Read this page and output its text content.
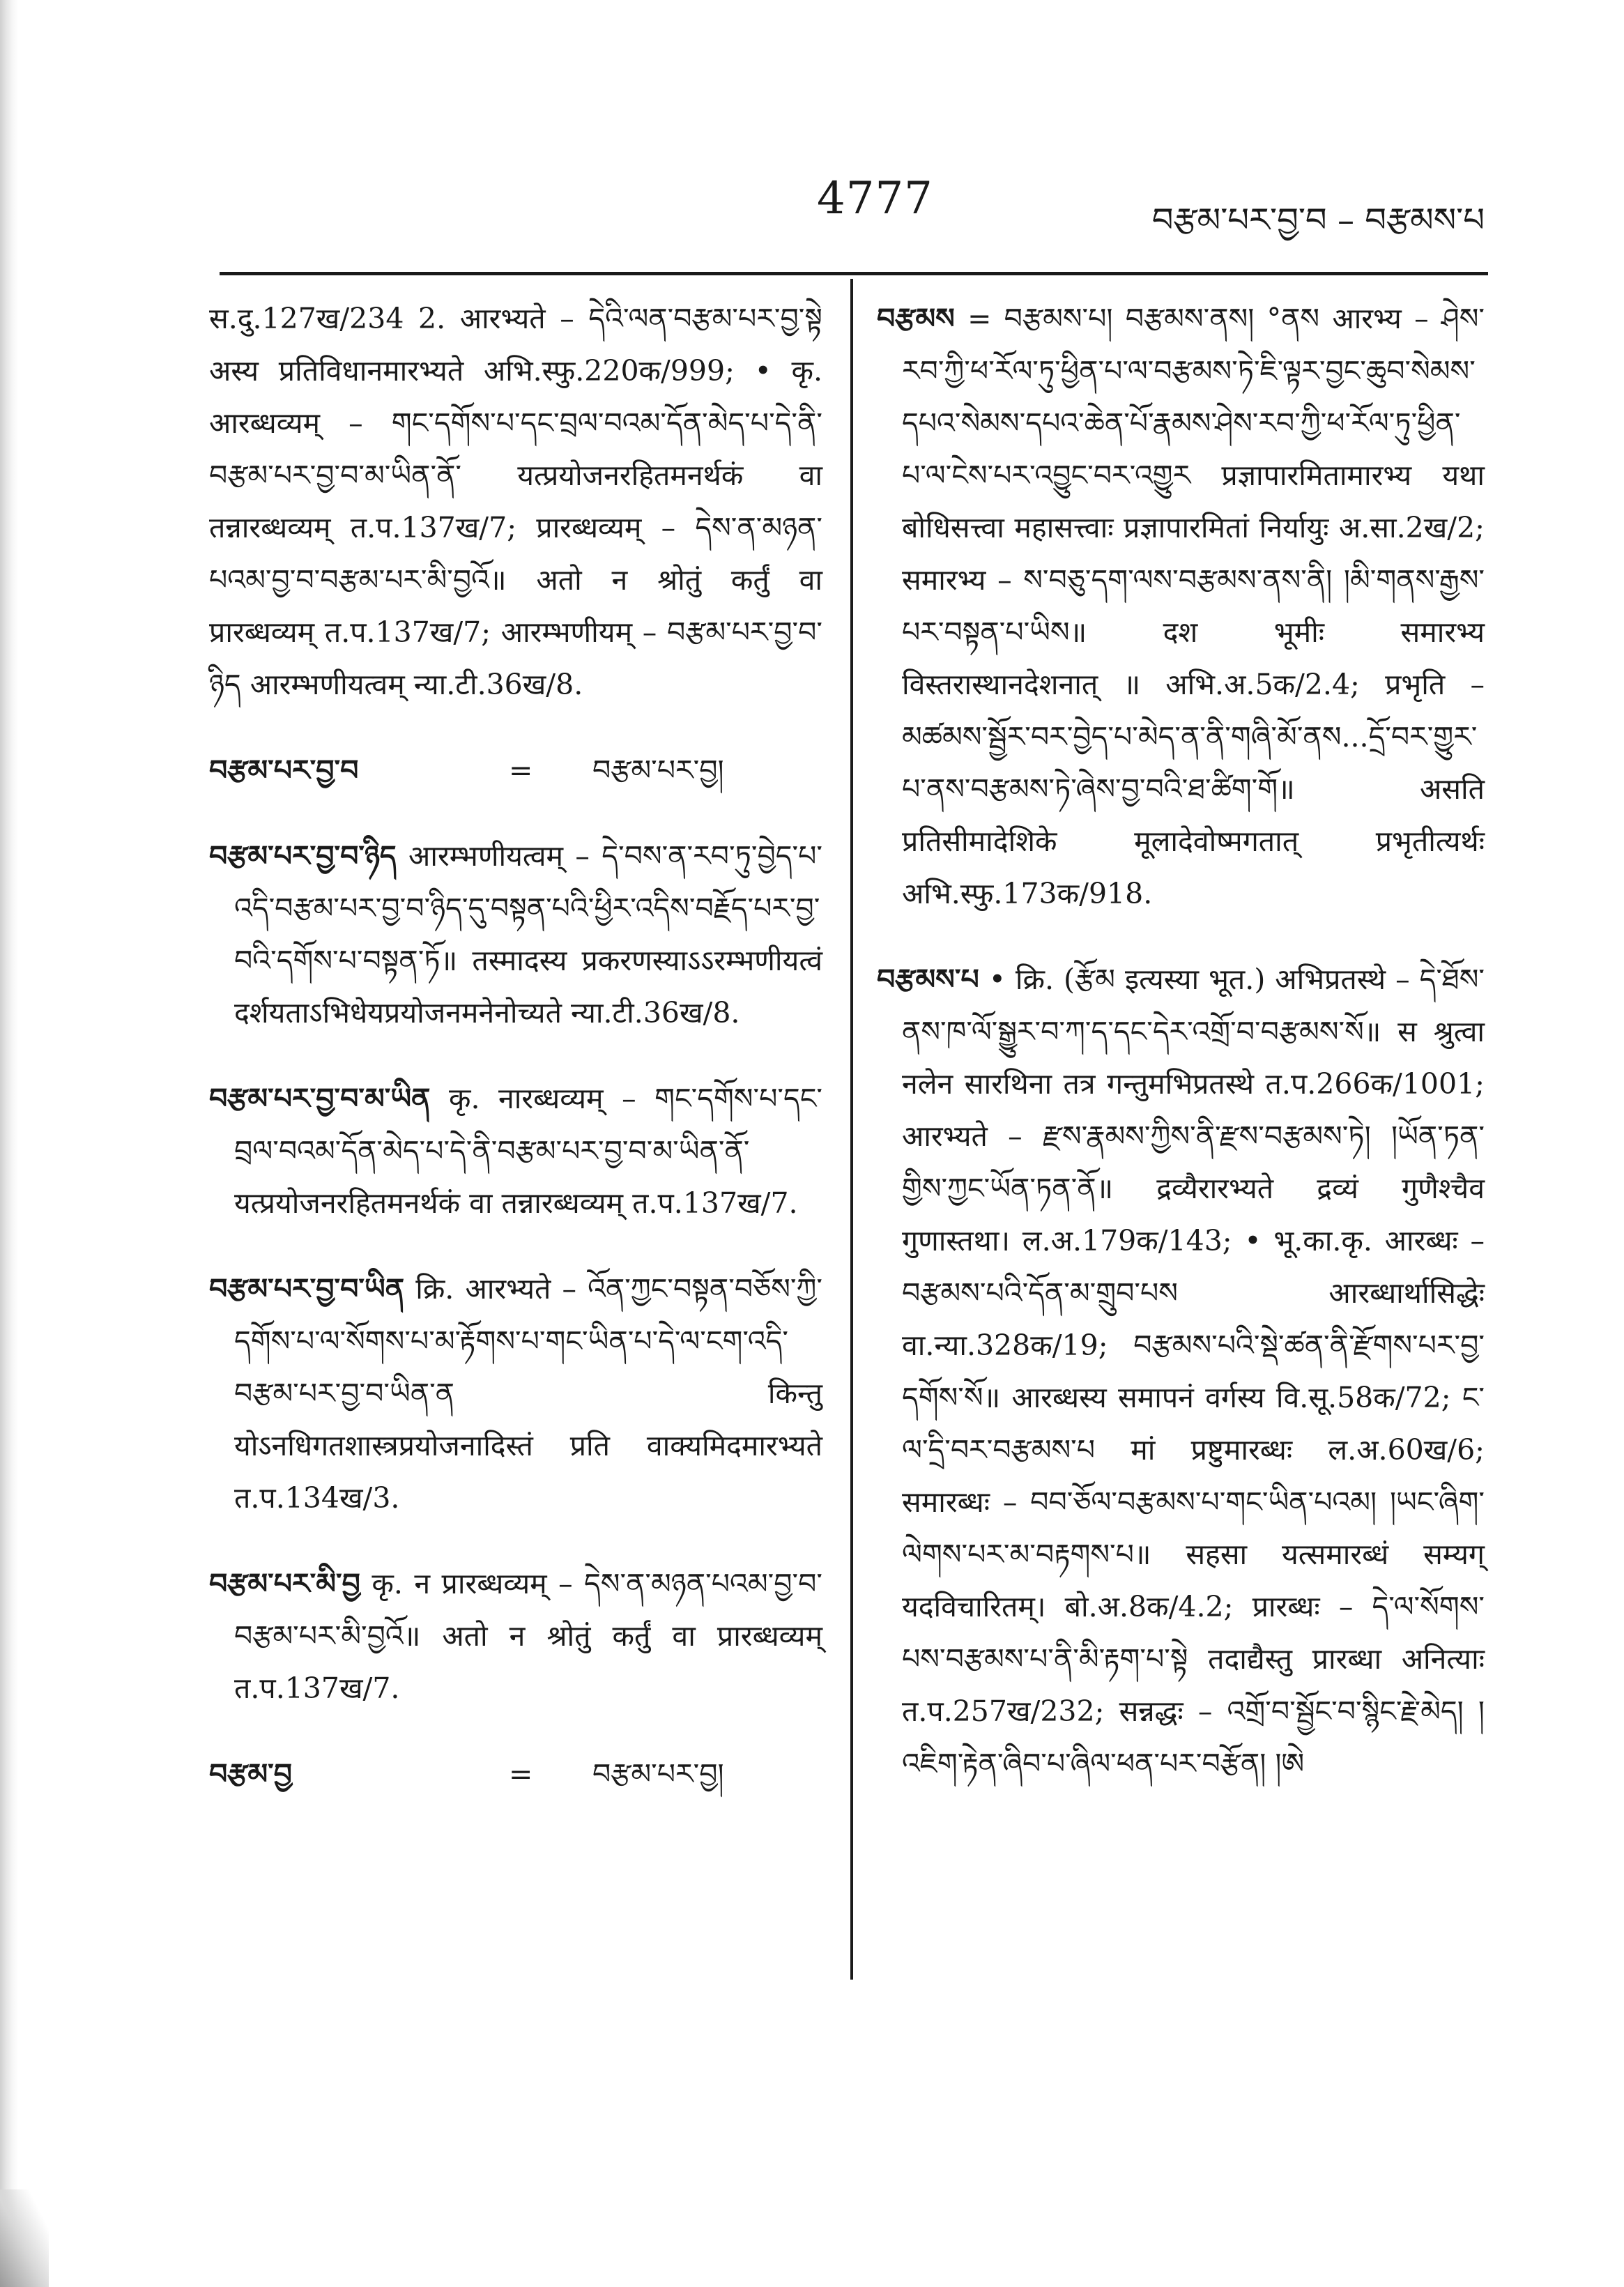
4777	བརྩམ་པར་བྱ་བ – བརྩམས་པ
स.दु.127ख/234 2. आरभ्यते – དེའི་ལན་བརྩམ་པར་བྱ་སྟེ अस्य प्रतिविधानमारभ्यते अभि.स्फु.220क/999; • कृ. आरब्धव्यम् – གང་དགོས་པ་དང་བྲལ་བའམ་དོན་མེད་པ་དེ་ནི་བརྩམ་པར་བྱ་བ་མ་ཡིན་ནོ་ यत्प्रयोजनरहितमनर्थकं वा तन्नारब्धव्यम् त.प.137ख/7; प्रारब्धव्यम् – དེས་ན་མཉན་པའམ་བྱ་བ་བརྩམ་པར་མི་བྱའོ॥ अतो न श्रोतुं कर्तुं वा प्रारब्धव्यम् त.प.137ख/7; आरम्भणीयम् – བརྩམ་པར་བྱ་བ་ཉིད आरम्भणीयत्वम् न्या.टी.36ख/8.
བརྩམ་པར་བྱ་བ	=	བརྩམ་པར་བྱ།
བརྩམ་པར་བྱ་བ་ཉིད आरम्भणीयत्वम् – དེ་བས་ན་རབ་ཏུ་བྱེད་པ་འདི་བརྩམ་པར་བྱ་བ་ཉིད་དུ་བསྟན་པའི་ཕྱིར་འདིས་བརྗོད་པར་བྱ་བའི་དགོས་པ་བསྟན་ཏོ॥ तस्मादस्य प्रकरणस्याऽऽरम्भणीयत्वं दर्शयताऽभिधेयप्रयोजनमनेनोच्यते न्या.टी.36ख/8.
བརྩམ་པར་བྱ་བ་མ་ཡིན कृ. नारब्धव्यम् – གང་དགོས་པ་དང་བྲལ་བའམ་དོན་མེད་པ་དེ་ནི་བརྩམ་པར་བྱ་བ་མ་ཡིན་ནོ་ यत्प्रयोजनरहितमनर्थकं वा तन्नारब्धव्यम् त.प.137ख/7.
བརྩམ་པར་བྱ་བ་ཡིན क्रि. आरभ्यते – འོན་ཀྱང་བསྟན་བཅོས་ཀྱི་དགོས་པ་ལ་སོགས་པ་མ་རྟོགས་པ་གང་ཡིན་པ་དེ་ལ་ངག་འདི་བརྩམ་པར་བྱ་བ་ཡིན་ན किन्तु योऽनधिगतशास्त्रप्रयोजनादिस्तं प्रति वाक्यमिदमारभ्यते त.प.134ख/3.
བརྩམ་པར་མི་བྱ कृ. न प्रारब्धव्यम् – དེས་ན་མཉན་པའམ་བྱ་བ་བརྩམ་པར་མི་བྱའོ॥ अतो न श्रोतुं कर्तुं वा प्रारब्धव्यम् त.प.137ख/7.
བརྩམ་བྱ	=	བརྩམ་པར་བྱ།
བརྩམས = བརྩམས་པ། བརྩམས་ནས། °ནས आरभ्य – ཤེས་རབ་ཀྱི་ཕ་རོལ་ཏུ་ཕྱིན་པ་ལ་བརྩམས་ཏེ་ཇི་ལྟར་བྱང་ཆུབ་སེམས་དཔའ་སེམས་དཔའ་ཆེན་པོ་རྣམས་ཤེས་རབ་ཀྱི་ཕ་རོལ་ཏུ་ཕྱིན་པ་ལ་ངེས་པར་འབྱུང་བར་འགྱུར प्रज्ञापारमितामारभ्य यथा बोधिसत्त्वा महासत्त्वाः प्रज्ञापारमितां निर्यायुः अ.सा.2ख/2; समारभ्य – ས་བཅུ་དག་ལས་བརྩམས་ནས་ནི། །མི་གནས་རྒྱས་པར་བསྟན་པ་ཡིས॥ दश भूमीः समारभ्य विस्तरास्थानदेशनात् ॥ अभि.अ.5क/2.4; प्रभृति – མཚམས་སྦྱོར་བར་བྱེད་པ་མེད་ན་ནི་གཞི་མོ་ནས...དྲོ་བར་གྱུར་པ་ནས་བརྩམས་ཏེ་ཞེས་བྱ་བའི་ཐ་ཚིག་གོ॥ असति प्रतिसीमादेशिके मूलादेवोष्मगतात् प्रभृतीत्यर्थः अभि.स्फु.173क/918.
བརྩམས་པ • क्रि. (རྩོམ इत्यस्या भूत.) अभिप्रतस्थे – དེ་ཐོས་ནས་ཁ་ལོ་སྒྱུར་བ་ཀ་ད་དང་དེར་འགྲོ་བ་བརྩམས་སོ॥ स श्रुत्वा नलेन सारथिना तत्र गन्तुमभिप्रतस्थे त.प.266क/1001; आरभ्यते – རྫས་རྣམས་ཀྱིས་ནི་རྫས་བརྩམས་ཏེ། །ཡོན་ཏན་གྱིས་ཀྱང་ཡོན་ཏན་ནོ॥ द्रव्यैरारभ्यते द्रव्यं गुणैश्चैव गुणास्तथा। ल.अ.179क/143; • भू.का.कृ. आरब्धः – བརྩམས་པའི་དོན་མ་གྲུབ་པས आरब्धार्थासिद्धेः वा.न्या.328क/19; བརྩམས་པའི་སྡེ་ཚན་ནི་རྫོགས་པར་བྱ་དགོས་སོ॥ आरब्धस्य समापनं वर्गस्य वि.सू.58क/72; ང་ལ་དྲི་བར་བརྩམས་པ मां प्रष्टुमारब्धः ल.अ.60ख/6; समारब्धः – བབ་ཅོལ་བརྩམས་པ་གང་ཡིན་པའམ། །ཡང་ཞིག་ལེགས་པར་མ་བརྟགས་པ॥ सहसा यत्समारब्धं सम्यग् यदविचारितम्। बो.अ.8क/4.2; प्रारब्धः – དེ་ལ་སོགས་པས་བརྩམས་པ་ནི་མི་རྟག་པ་སྟེ तदाद्यैस्तु प्रारब्धा अनित्याः त.प.257ख/232; सन्नद्धः – འགྲོ་བ་སྦྱོང་བ་སྙིང་རྗེ་མེད། །འཇིག་རྟེན་ཞིབ་པ་ཞིལ་ཕན་པར་བརྩོན། །ཨེ
